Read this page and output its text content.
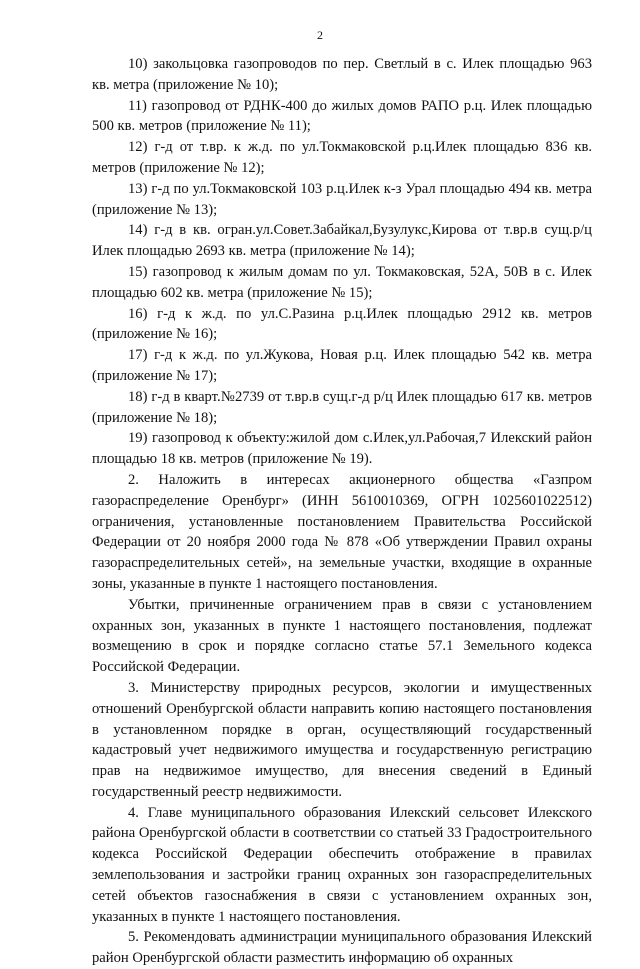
2

10) закольцовка газопроводов по пер. Светлый в с. Илек площадью 963 кв. метра (приложение № 10);

11) газопровод от РДНК-400 до жилых домов РАПО р.ц. Илек площадью 500 кв. метров (приложение № 11);

12) г-д от т.вр. к ж.д. по ул.Токмаковской р.ц.Илек площадью 836 кв. метров (приложение № 12);

13) г-д по ул.Токмаковской 103 р.ц.Илек к-з Урал площадью 494 кв. метра (приложение № 13);

14) г-д в кв. огран.ул.Совет.Забайкал,Бузулукс,Кирова от т.вр.в сущ.р/ц Илек площадью 2693 кв. метра (приложение № 14);

15) газопровод к жилым домам по ул. Токмаковская, 52А, 50В в с. Илек площадью 602 кв. метра (приложение № 15);

16) г-д к ж.д. по ул.С.Разина р.ц.Илек площадью 2912 кв. метров (приложение № 16);

17) г-д к ж.д. по ул.Жукова, Новая р.ц. Илек площадью 542 кв. метра (приложение № 17);

18) г-д в кварт.№2739 от т.вр.в сущ.г-д р/ц Илек площадью 617 кв. метров (приложение № 18);

19) газопровод к объекту:жилой дом с.Илек,ул.Рабочая,7 Илекский район площадью 18 кв. метров (приложение № 19).

2. Наложить в интересах акционерного общества «Газпром газораспределение Оренбург» (ИНН 5610010369, ОГРН 1025601022512) ограничения, установленные постановлением Правительства Российской Федерации от 20 ноября 2000 года № 878 «Об утверждении Правил охраны газораспределительных сетей», на земельные участки, входящие в охранные зоны, указанные в пункте 1 настоящего постановления.

Убытки, причиненные ограничением прав в связи с установлением охранных зон, указанных в пункте 1 настоящего постановления, подлежат возмещению в срок и порядке согласно статье 57.1 Земельного кодекса Российской Федерации.

3. Министерству природных ресурсов, экологии и имущественных отношений Оренбургской области направить копию настоящего постановления в установленном порядке в орган, осуществляющий государственный кадастровый учет недвижимого имущества и государственную регистрацию прав на недвижимое имущество, для внесения сведений в Единый государственный реестр недвижимости.

4. Главе муниципального образования Илекский сельсовет Илекского района Оренбургской области в соответствии со статьей 33 Градостроительного кодекса Российской Федерации обеспечить отображение в правилах землепользования и застройки границ охранных зон газораспределительных сетей объектов газоснабжения в связи с установлением охранных зон, указанных в пункте 1 настоящего постановления.

5. Рекомендовать администрации муниципального образования Илекский район Оренбургской области разместить информацию об охранных
